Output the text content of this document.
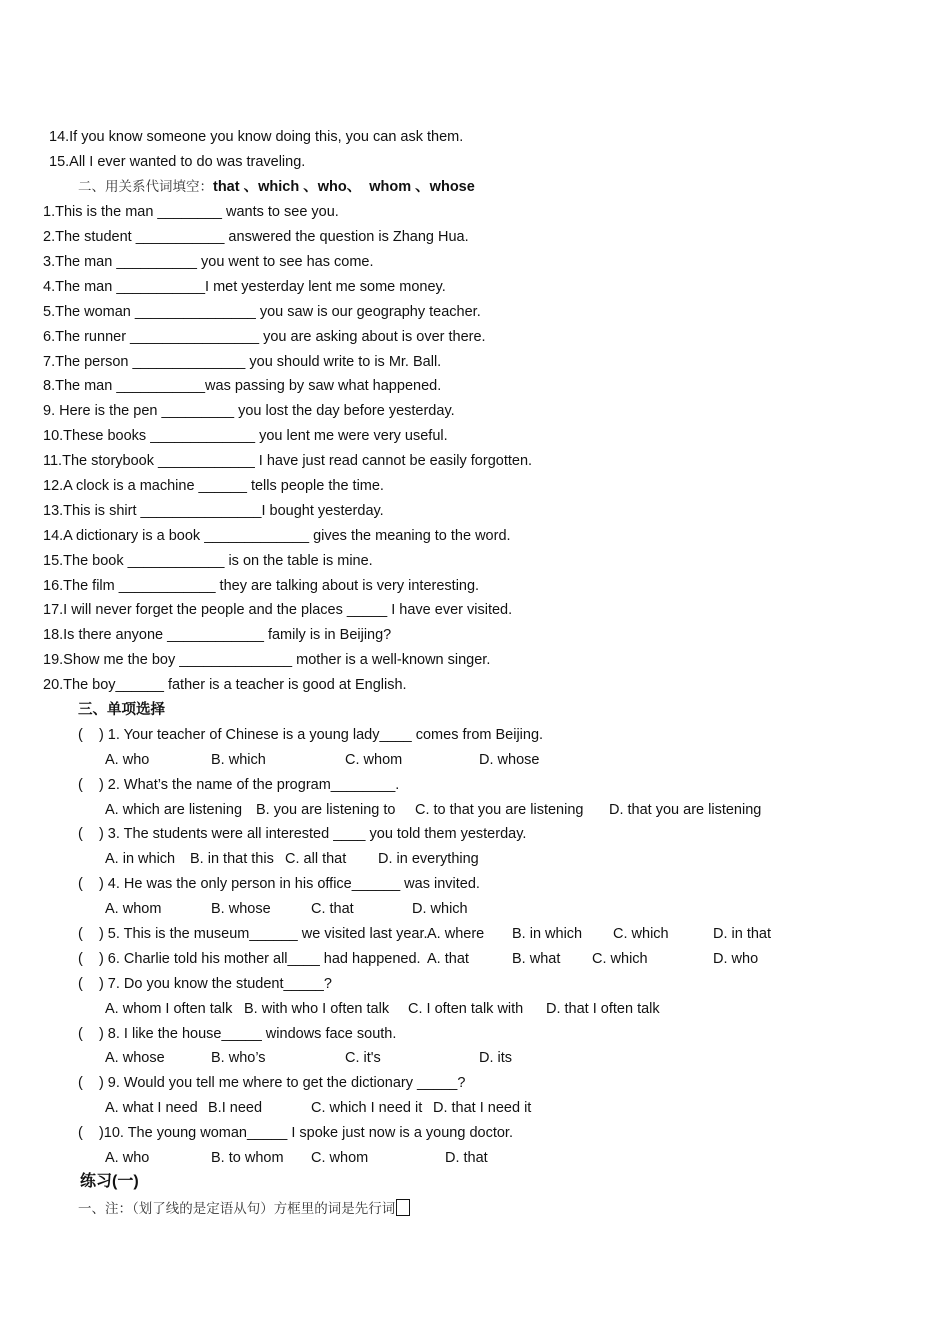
14.If you know someone you know doing this, you can ask them.
15.All I ever wanted to do was traveling.
二、用关系代词填空：that 、which 、who、  whom 、whose
1.This is the man ________ wants to see you.
2.The student ___________ answered the question is Zhang Hua.
3.The man __________ you went to see has come.
4.The man ___________I met yesterday lent me some money.
5.The woman _______________ you saw is our geography teacher.
6.The runner ________________ you are asking about is over there.
7.The person ______________ you should write to is Mr. Ball.
8.The man ___________was passing by saw what happened.
9. Here is the pen _________ you lost the day before yesterday.
10.These books _____________ you lent me were very useful.
11.The storybook ____________ I have just read cannot be easily forgotten.
12.A clock is a machine ______ tells people the time.
13.This is shirt _______________I bought yesterday.
14.A dictionary is a book _____________ gives the meaning to the word.
15.The book ____________ is on the table is mine.
16.The film ____________ they are talking about is very interesting.
17.I will never forget the people and the places _____ I have ever visited.
18.Is there anyone ____________ family is in Beijing?
19.Show me the boy ______________ mother is a well-known singer.
20.The boy______ father is a teacher is good at English.
三、单项选择
(    ) 1. Your teacher of Chinese is a young lady____ comes from Beijing.
A. who	B. which	C. whom	D. whose
(    ) 2. What’s the name of the program________.
A. which are listening B. you are listening to C. to that you are listening D. that you are listening
(    ) 3. The students were all interested ____ you told them yesterday.
A. in which B. in that this C. all that D. in everything
(    ) 4. He was the only person in his office______ was invited.
A. whom	B. whose	C. that	D. which
(    ) 5. This is the museum______ we visited last year. A. where B. in which C. which	D. in that
(    ) 6. Charlie told his mother all____ had happened. A. that	B. what C. which	D. who
(    ) 7. Do you know the student_____?
A. whom I often talk B. with who I often talk C. I often talk with D. that I often talk
(    ) 8. I like the house_____ windows face south.
A. whose	B. who’s	C. it's	D. its
(    ) 9. Would you tell me where to get the dictionary _____?
A. what I need B.I need	C. which I need it D. that I need it
(    )10. The young woman_____ I spoke just now is a young doctor.
A. who	B. to whom C. whom	D. that
练习(一)
一、注：（划了线的是定语从句）方框里的词是先行词
